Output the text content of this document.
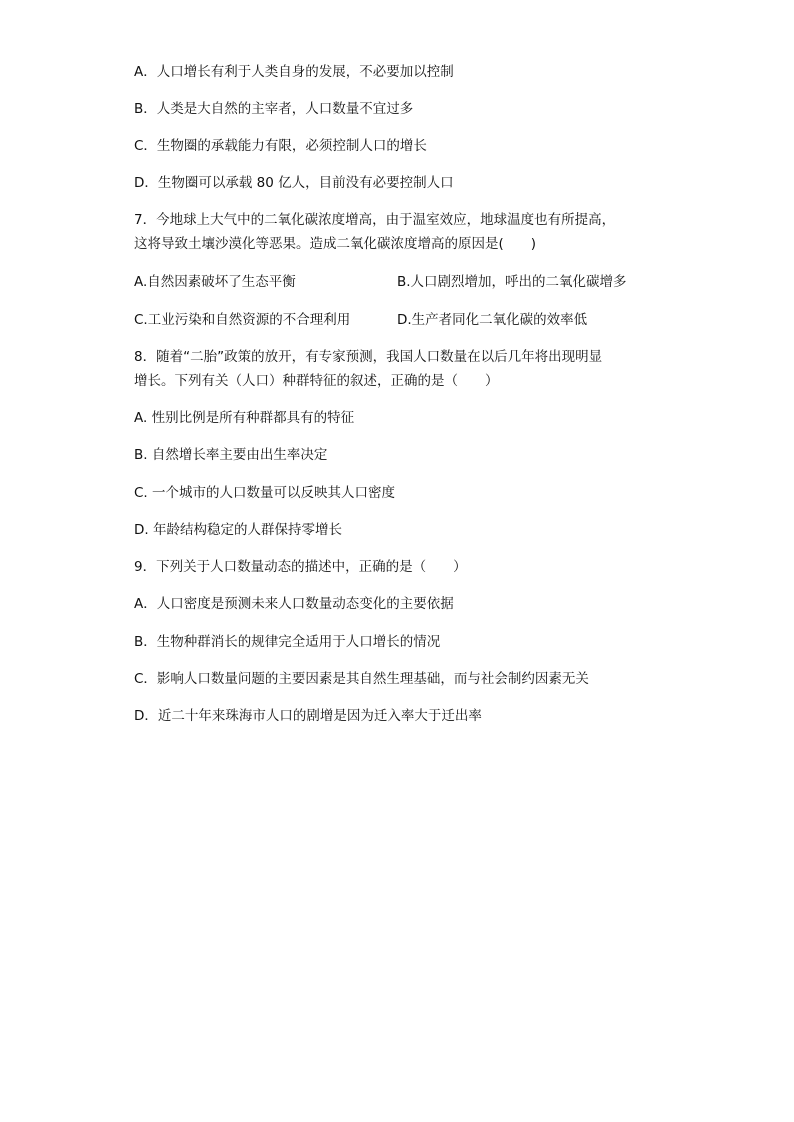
A．人口增长有利于人类自身的发展，不必要加以控制
B．人类是大自然的主宰者，人口数量不宜过多
C．生物圈的承载能力有限，必须控制人口的增长
D．生物圈可以承载 80 亿人，目前没有必要控制人口
7．今地球上大气中的二氧化碳浓度增高，由于温室效应，地球温度也有所提高，
这将导致土壤沙漠化等恶果。造成二氧化碳浓度增高的原因是(　　)
A.自然因素破坏了生态平衡	B.人口剧烈增加，呼出的二氧化碳增多
C.工业污染和自然资源的不合理利用	D.生产者同化二氧化碳的效率低
8．随着“二胎”政策的放开，有专家预测，我国人口数量在以后几年将出现明显
增长。下列有关（人口）种群特征的叙述，正确的是（　　）
A. 性别比例是所有种群都具有的特征
B. 自然增长率主要由出生率决定
C. 一个城市的人口数量可以反映其人口密度
D. 年龄结构稳定的人群保持零增长
9．下列关于人口数量动态的描述中，正确的是（　　）
A．人口密度是预测未来人口数量动态变化的主要依据
B．生物种群消长的规律完全适用于人口增长的情况
C．影响人口数量问题的主要因素是其自然生理基础，而与社会制约因素无关
D．近二十年来珠海市人口的剧增是因为迁入率大于迁出率
